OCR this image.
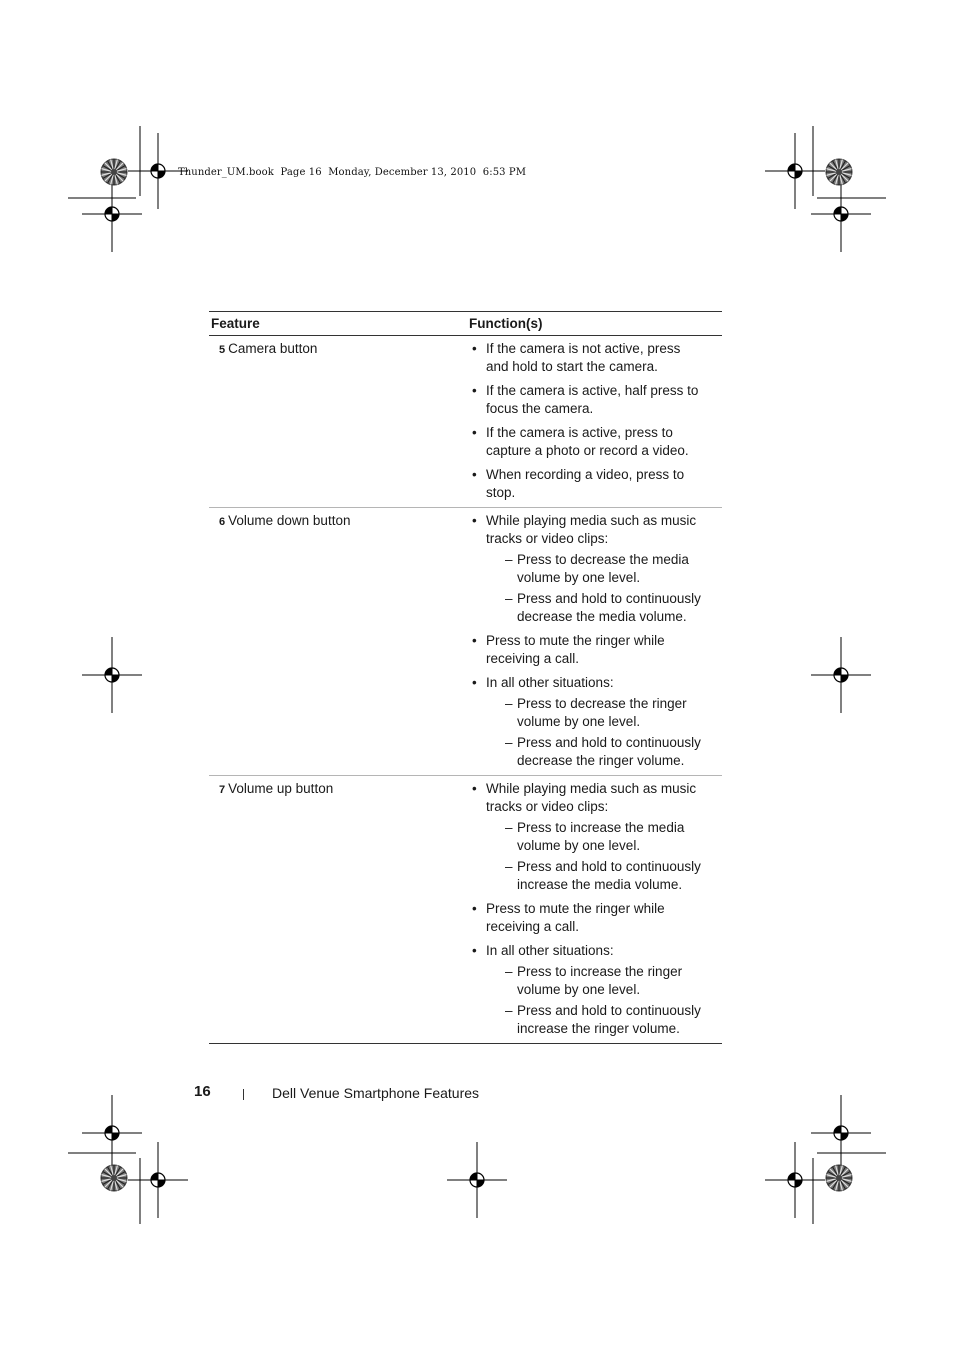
Thunder_UM.book  Page 16  Monday, December 13, 2010  6:53 PM
Feature	Function(s)
5 Camera button	• If the camera is not active, press
and hold to start the camera.
• If the camera is active, half press to
focus the camera.
• If the camera is active, press to
capture a photo or record a video.
• When recording a video, press to
stop.
6 Volume down button	• While playing media such as music
tracks or video clips:
– Press to decrease the media
volume by one level.
– Press and hold to continuously
decrease the media volume.
• Press to mute the ringer while
receiving a call.
• In all other situations:
– Press to decrease the ringer
volume by one level.
– Press and hold to continuously
decrease the ringer volume.
7 Volume up button	• While playing media such as music
tracks or video clips:
– Press to increase the media
volume by one level.
– Press and hold to continuously
increase the media volume.
• Press to mute the ringer while
receiving a call.
• In all other situations:
– Press to increase the ringer
volume by one level.
– Press and hold to continuously
increase the ringer volume.
16	Dell Venue Smartphone Features
